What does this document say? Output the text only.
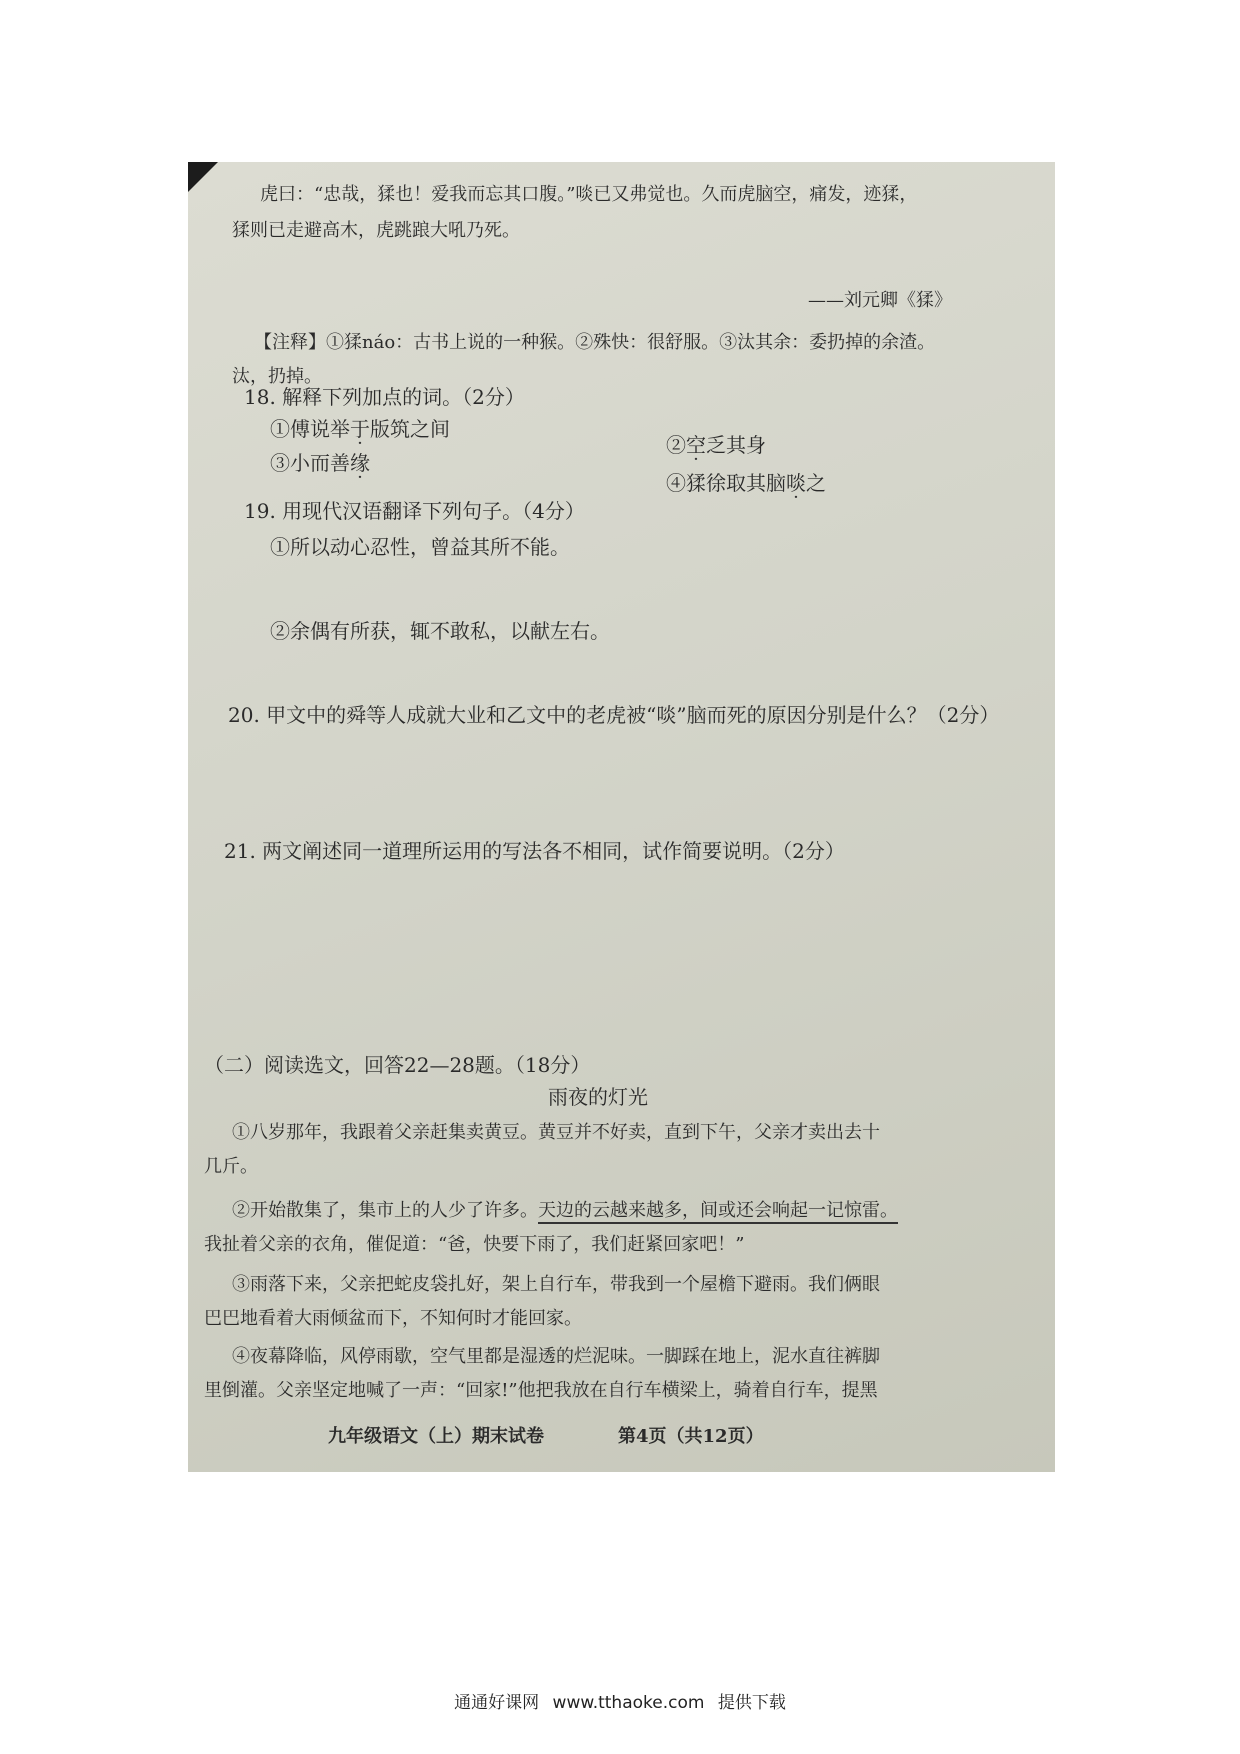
虎曰：“忠哉，猱也！爱我而忘其口腹。”啖已又弗觉也。久而虎脑空，痛发，迹猱，
猱则已走避高木，虎跳踉大吼乃死。
——刘元卿《猱》
【注释】①猱náo：古书上说的一种猴。②殊快：很舒服。③汰其余：委扔掉的余渣。
汰，扔掉。
18. 解释下列加点的词。（2分）
①傅说举于版筑之间
②空乏其身
③小而善缘
④猱徐取其脑啖之
19. 用现代汉语翻译下列句子。（4分）
①所以动心忍性，曾益其所不能。
②余偶有所获，辄不敢私，以献左右。
20. 甲文中的舜等人成就大业和乙文中的老虎被“啖”脑而死的原因分别是什么？（2分）
21. 两文阐述同一道理所运用的写法各不相同，试作简要说明。（2分）
（二）阅读选文，回答22—28题。（18分）
雨夜的灯光
①八岁那年，我跟着父亲赶集卖黄豆。黄豆并不好卖，直到下午，父亲才卖出去十
几斤。
②开始散集了，集市上的人少了许多。天边的云越来越多，间或还会响起一记惊雷。
我扯着父亲的衣角，催促道：“爸，快要下雨了，我们赶紧回家吧！”
③雨落下来，父亲把蛇皮袋扎好，架上自行车，带我到一个屋檐下避雨。我们俩眼
巴巴地看着大雨倾盆而下，不知何时才能回家。
④夜幕降临，风停雨歇，空气里都是湿透的烂泥味。一脚踩在地上，泥水直往裤脚
里倒灌。父亲坚定地喊了一声：“回家!”他把我放在自行车横梁上，骑着自行车，提黑
九年级语文（上）期末试卷	第4页（共12页）
通通好课网 www.tthaoke.com 提供下载
